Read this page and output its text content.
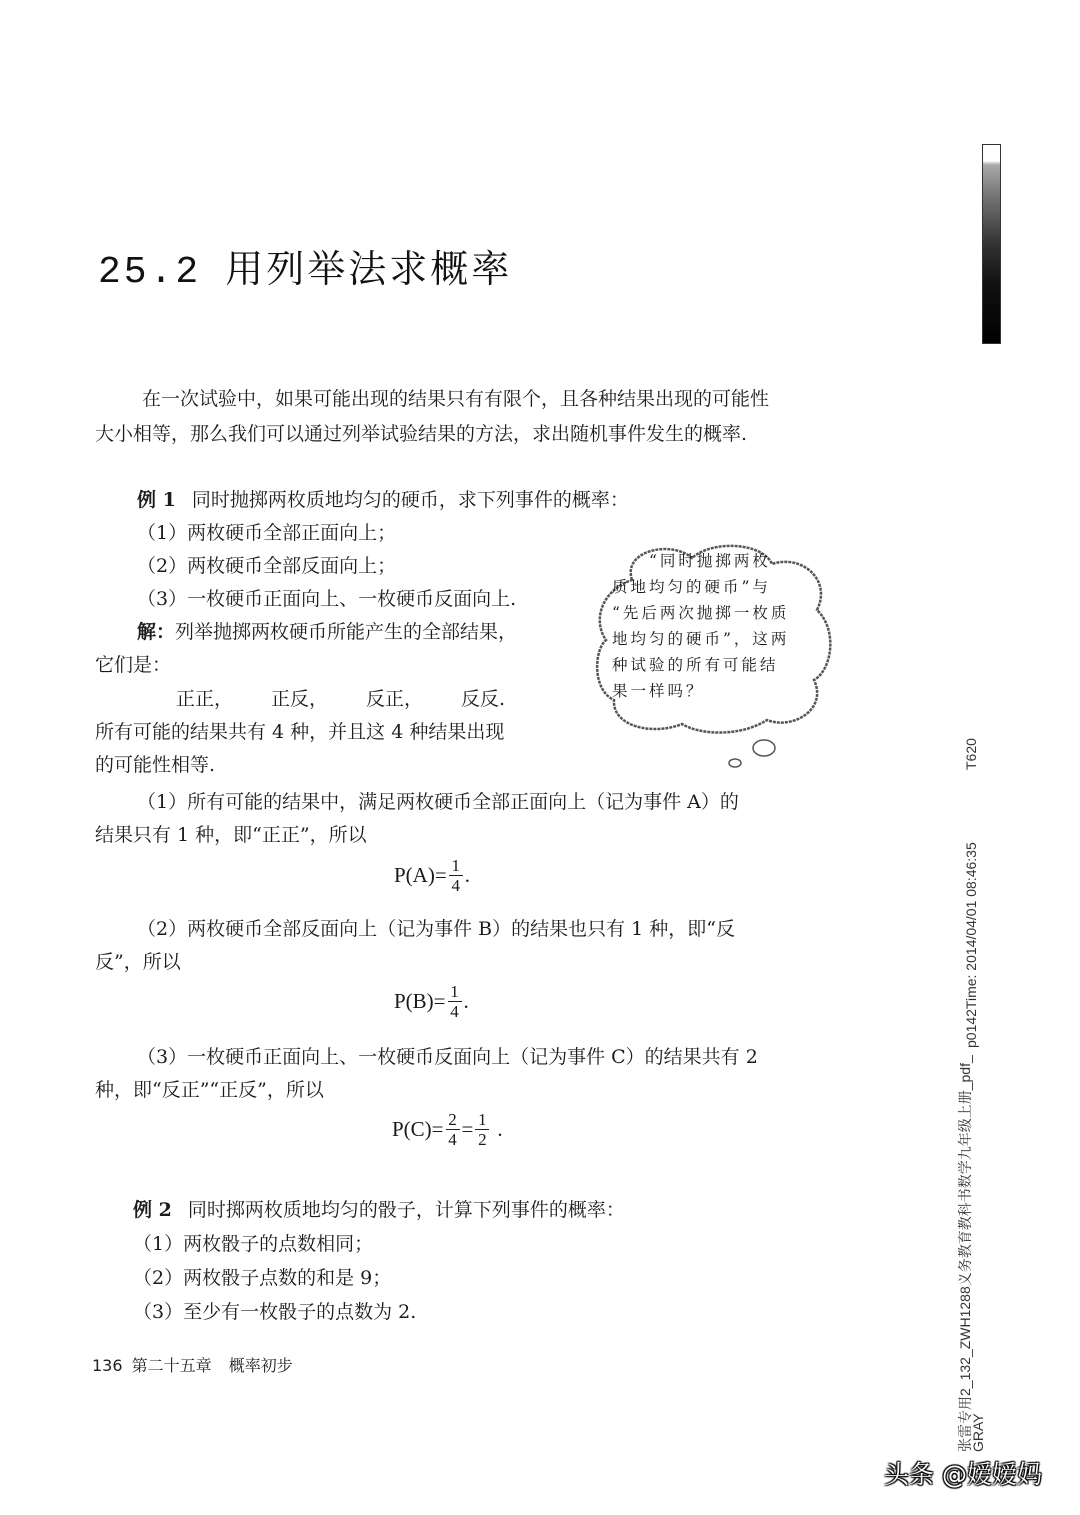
25.2 用列举法求概率
在一次试验中，如果可能出现的结果只有有限个，且各种结果出现的可能性
大小相等，那么我们可以通过列举试验结果的方法，求出随机事件发生的概率.
例 1 同时抛掷两枚质地均匀的硬币，求下列事件的概率：
（1）两枚硬币全部正面向上；
（2）两枚硬币全部反面向上；
（3）一枚硬币正面向上、一枚硬币反面向上.
解：列举抛掷两枚硬币所能产生的全部结果，
它们是：
正正， 正反， 反正， 反反.
所有可能的结果共有 4 种，并且这 4 种结果出现
的可能性相等.
　　“同时抛掷两枚
质地均匀的硬币”与
“先后两次抛掷一枚质
地均匀的硬币”，这两
种试验的所有可能结
果一样吗？
（1）所有可能的结果中，满足两枚硬币全部正面向上（记为事件 A）的
结果只有 1 种，即“正正”，所以
$P(A)= \frac{1}{4}$ .
（2）两枚硬币全部反面向上（记为事件 B）的结果也只有 1 种，即“反
反”，所以
$P(B)= \frac{1}{4}$ .
（3）一枚硬币正面向上、一枚硬币反面向上（记为事件 C）的结果共有 2
种，即“反正”“正反”，所以
$P(C)= \frac{2}{4} = \frac{1}{2}$ .
例 2 同时掷两枚质地均匀的骰子，计算下列事件的概率：
（1）两枚骰子的点数相同；
（2）两枚骰子点数的和是 9；
（3）至少有一枚骰子的点数为 2.
136 第二十五章 概率初步
T620
p0142Time: 2014/04/01 08:46:35
张雷专用2_132_ZWH1288义务教育教科书数学九年级上册_pdf_
GRAY
头条 @嫒嫒妈
